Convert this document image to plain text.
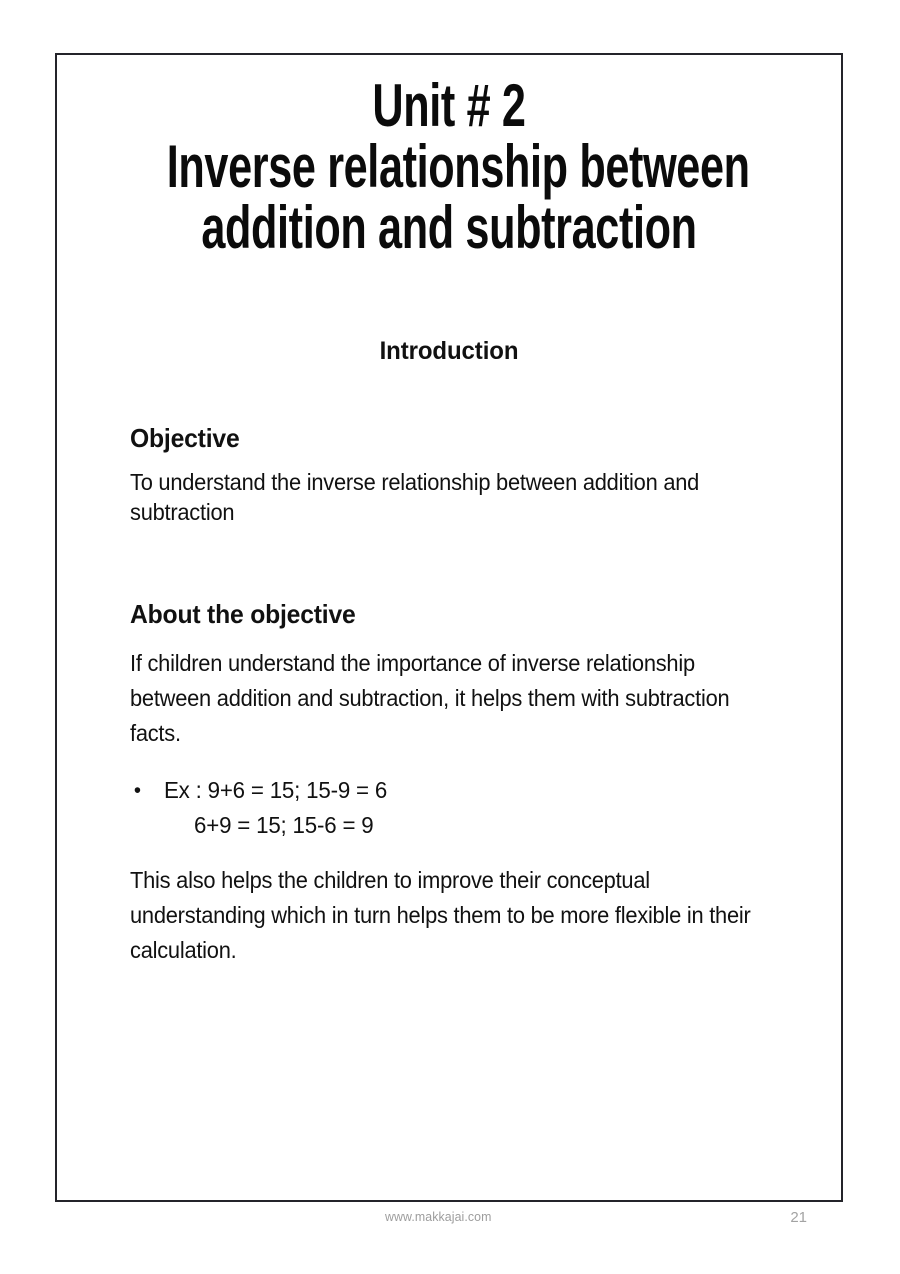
Unit # 2
Inverse relationship between
addition and subtraction
Introduction
Objective

To understand the inverse relationship between addition and subtraction

About the objective

If children understand the importance of inverse relationship between addition and subtraction, it helps them with subtraction facts.

• Ex : 9+6 = 15; 15-9 = 6
6+9 = 15; 15-6 = 9

This also helps the children to improve their conceptual understanding which in turn helps them to be more flexible in their calculation.

www.makkajai.com	21
